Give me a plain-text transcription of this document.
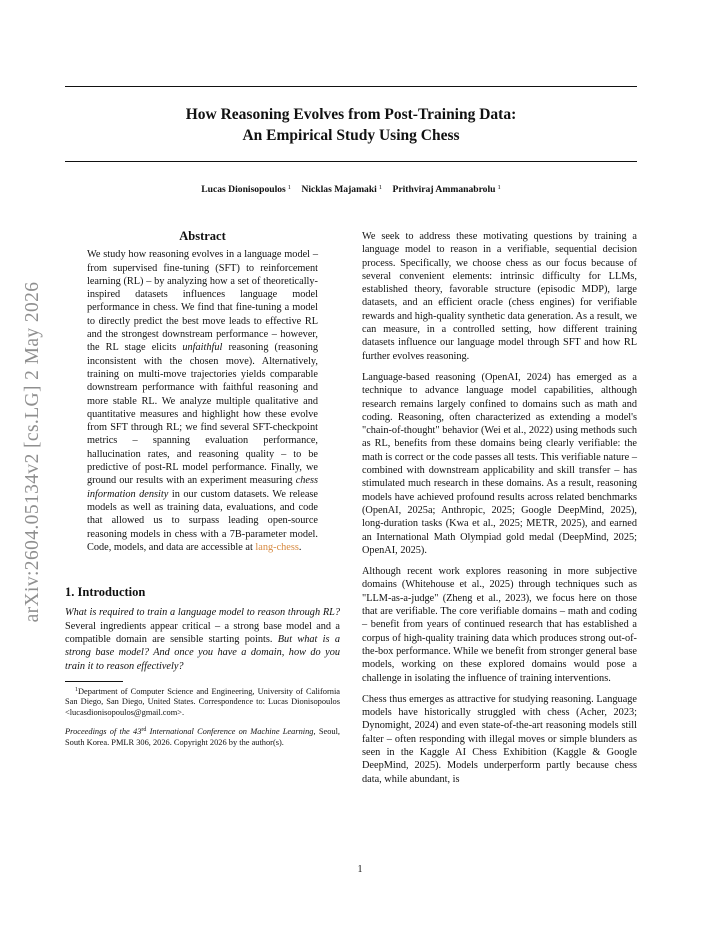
arXiv:2604.05134v2 [cs.LG] 2 May 2026
How Reasoning Evolves from Post-Training Data:
An Empirical Study Using Chess

Lucas Dionisopoulos $^1$ Nicklas Majamaki $^1$ Prithviraj Ammanabrolu $^1$

Abstract

We study how reasoning evolves in a language model – from supervised fine-tuning (SFT) to reinforcement learning (RL) – by analyzing how a set of theoretically-inspired datasets influences language model performance in chess. We find that fine-tuning a model to directly predict the best move leads to effective RL and the strongest downstream performance – however, the RL stage elicits unfaithful reasoning (reasoning inconsistent with the chosen move). Alternatively, training on multi-move trajectories yields comparable downstream performance with faithful reasoning and more stable RL. We analyze multiple qualitative and quantitative measures and highlight how these evolve from SFT through RL; we find several SFT-checkpoint metrics – spanning evaluation performance, hallucination rates, and reasoning quality – to be predictive of post-RL model performance. Finally, we ground our results with an experiment measuring chess information density in our custom datasets. We release models as well as training data, evaluations, and code that allowed us to surpass leading open-source reasoning models in chess with a 7B-parameter model. Code, models, and data are accessible at lang-chess.

1. Introduction

What is required to train a language model to reason through RL? Several ingredients appear critical – a strong base model and a compatible domain are sensible starting points. But what is a strong base model? And once you have a domain, how do you train it to reason effectively?

$^1$Department of Computer Science and Engineering, University of California San Diego, San Diego, United States. Correspondence to: Lucas Dionisopoulos <lucasdionisopoulos@gmail.com>.

Proceedings of the 43rd International Conference on Machine Learning, Seoul, South Korea. PMLR 306, 2026. Copyright 2026 by the author(s).

We seek to address these motivating questions by training a language model to reason in a verifiable, sequential decision process. Specifically, we choose chess as our focus because of several convenient elements: intrinsic difficulty for LLMs, established theory, favorable structure (episodic MDP), large datasets, and an efficient oracle (chess engines) for verifiable rewards and high-quality synthetic data generation. As a result, we can measure, in a controlled setting, how different training datasets influence our language model through SFT and how RL further evolves reasoning.

Language-based reasoning (OpenAI, 2024) has emerged as a technique to advance language model capabilities, although research remains largely confined to domains such as math and coding. Reasoning, often characterized as extending a model's "chain-of-thought" behavior (Wei et al., 2022) using methods such as RL, benefits from these domains being clearly verifiable: the math is correct or the code passes all tests. This verifiable nature – combined with downstream applicability and skill transfer – has stimulated much research in these domains. As a result, reasoning models have achieved profound results across related benchmarks (OpenAI, 2025a; Anthropic, 2025; Google DeepMind, 2025), long-duration tasks (Kwa et al., 2025; METR, 2025), and earned an International Math Olympiad gold medal (DeepMind, 2025; OpenAI, 2025).

Although recent work explores reasoning in more subjective domains (Whitehouse et al., 2025) through techniques such as "LLM-as-a-judge" (Zheng et al., 2023), we focus here on those that are verifiable. The core verifiable domains – math and coding – benefit from years of continued research that has established a corpus of high-quality training data which produces strong out-of-the-box performance. While we benefit from stronger general base models, working on these explored domains would pose a challenge in isolating the influence of training interventions.

Chess thus emerges as attractive for studying reasoning. Language models have historically struggled with chess (Acher, 2023; Dynomight, 2024) and even state-of-the-art reasoning models still falter – often responding with illegal moves or simple blunders as seen in the Kaggle AI Chess Exhibition (Kaggle & Google DeepMind, 2025). Models underperform partly because chess data, while abundant, is

1
